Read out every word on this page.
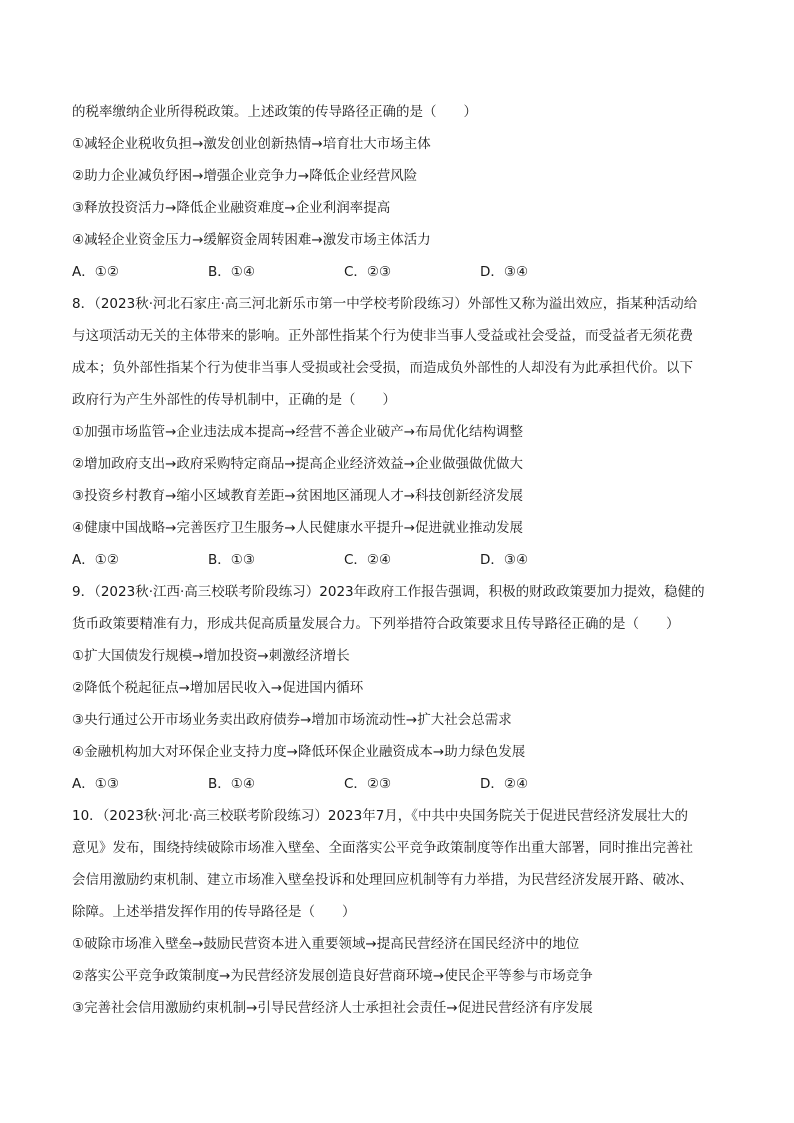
的税率缴纳企业所得税政策。上述政策的传导路径正确的是（　　）
①减轻企业税收负担→激发创业创新热情→培育壮大市场主体
②助力企业减负纾困→增强企业竞争力→降低企业经营风险
③释放投资活力→降低企业融资难度→企业利润率提高
④减轻企业资金压力→缓解资金周转困难→激发市场主体活力
A．①②	B．①④	C．②③	D．③④
8．（2023秋·河北石家庄·高三河北新乐市第一中学校考阶段练习）外部性又称为溢出效应，指某种活动给
与这项活动无关的主体带来的影响。正外部性指某个行为使非当事人受益或社会受益，而受益者无须花费
成本；负外部性指某个行为使非当事人受损或社会受损，而造成负外部性的人却没有为此承担代价。以下
政府行为产生外部性的传导机制中，正确的是（　　）
①加强市场监管→企业违法成本提高→经营不善企业破产→布局优化结构调整
②增加政府支出→政府采购特定商品→提高企业经济效益→企业做强做优做大
③投资乡村教育→缩小区域教育差距→贫困地区涌现人才→科技创新经济发展
④健康中国战略→完善医疗卫生服务→人民健康水平提升→促进就业推动发展
A．①②	B．①③	C．②④	D．③④
9．（2023秋·江西·高三校联考阶段练习）2023年政府工作报告强调，积极的财政政策要加力提效，稳健的
货币政策要精准有力，形成共促高质量发展合力。下列举措符合政策要求且传导路径正确的是（　　）
①扩大国债发行规模→增加投资→刺激经济增长
②降低个税起征点→增加居民收入→促进国内循环
③央行通过公开市场业务卖出政府债券→增加市场流动性→扩大社会总需求
④金融机构加大对环保企业支持力度→降低环保企业融资成本→助力绿色发展
A．①③	B．①④	C．②③	D．②④
10．（2023秋·河北·高三校联考阶段练习）2023年7月，《中共中央国务院关于促进民营经济发展壮大的
意见》发布，围绕持续破除市场准入壁垒、全面落实公平竞争政策制度等作出重大部署，同时推出完善社
会信用激励约束机制、建立市场准入壁垒投诉和处理回应机制等有力举措，为民营经济发展开路、破冰、
除障。上述举措发挥作用的传导路径是（　　）
①破除市场准入壁垒→鼓励民营资本进入重要领域→提高民营经济在国民经济中的地位
②落实公平竞争政策制度→为民营经济发展创造良好营商环境→使民企平等参与市场竞争
③完善社会信用激励约束机制→引导民营经济人士承担社会责任→促进民营经济有序发展
